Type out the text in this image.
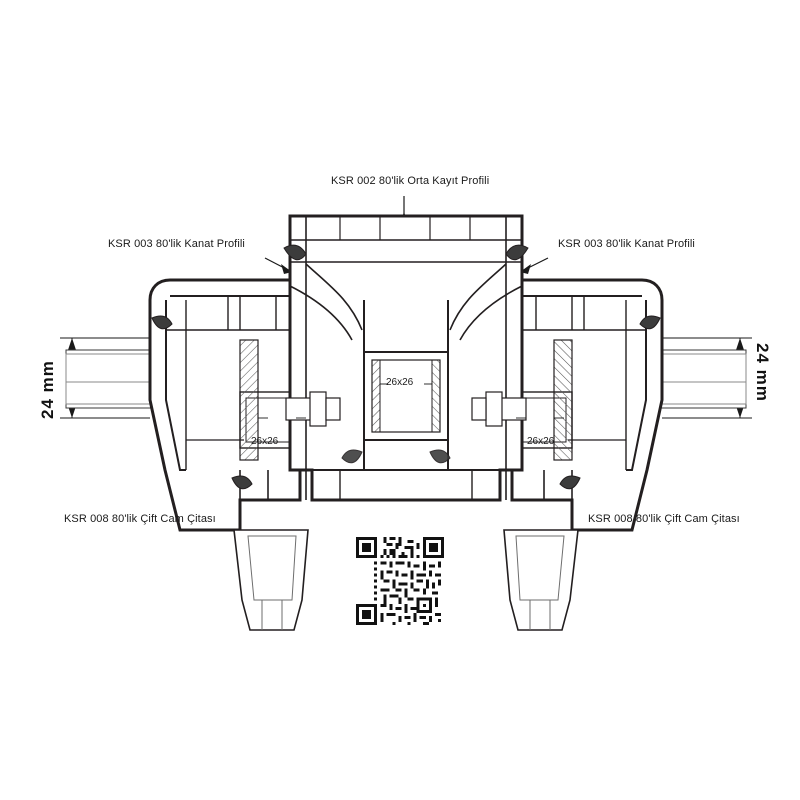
KSR 002 80'lik Orta Kayıt Profili
KSR 003 80'lik Kanat Profili	KSR 003 80'lik Kanat Profili
KSR 008 80'lik Çift Cam Çitası	KSR 008 80'lik Çift Cam Çitası
24 mm	24 mm
26x26
26x26	26x26
